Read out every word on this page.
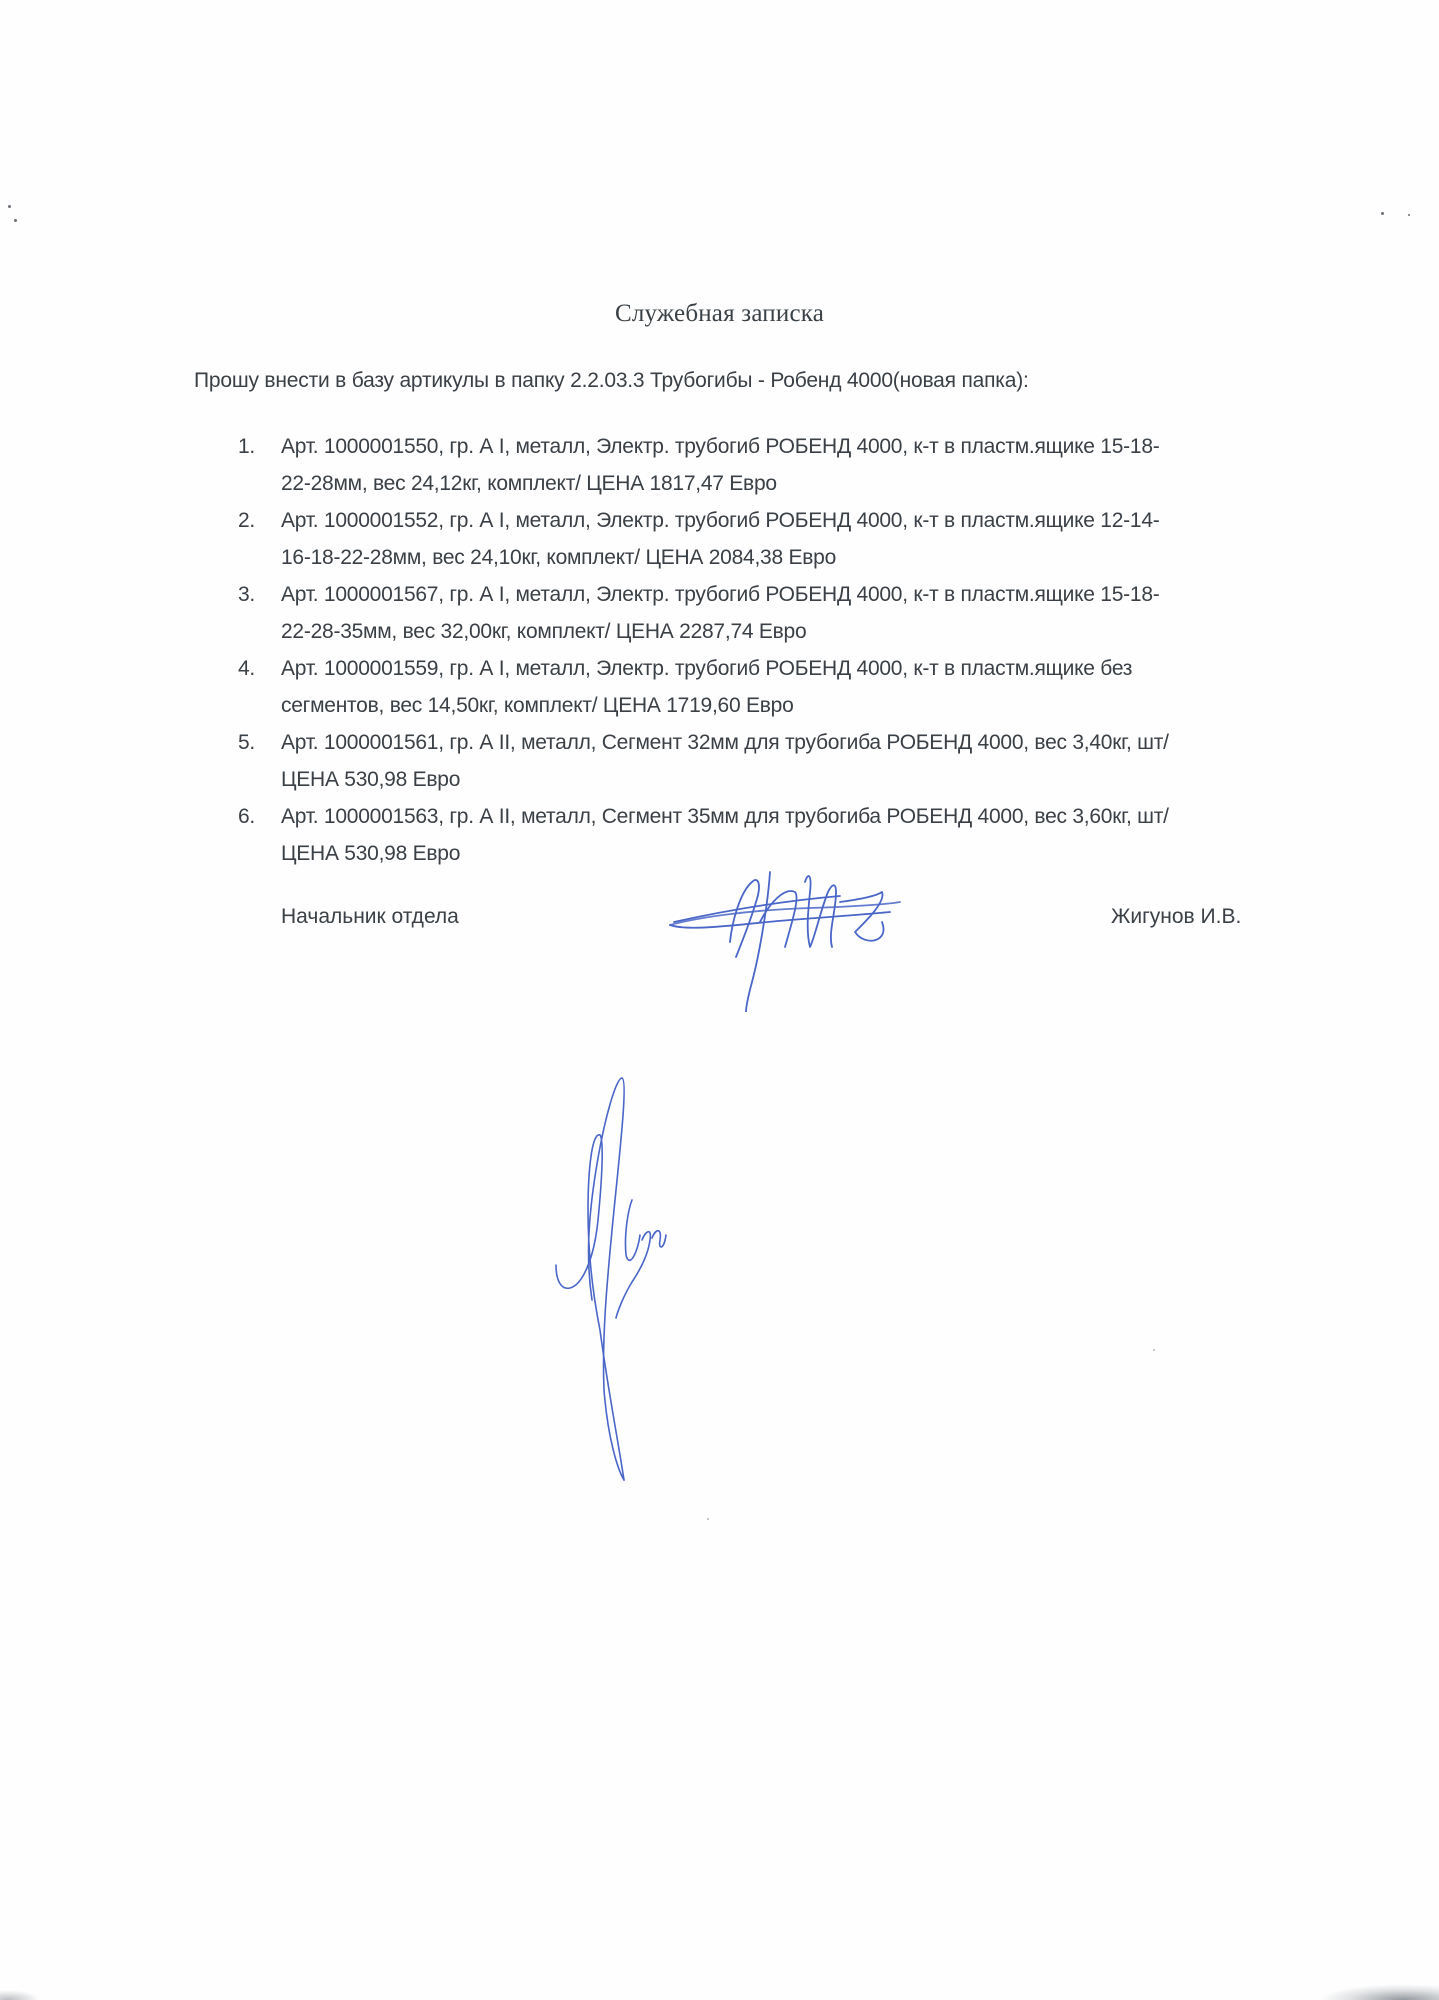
Служебная записка
Прошу внести в базу артикулы в папку 2.2.03.3 Трубогибы - Робенд 4000(новая папка):
1. Арт. 1000001550, гр. А I, металл, Электр. трубогиб РОБЕНД 4000, к-т в пластм.ящике 15-18-
22-28мм, вес 24,12кг, комплект/ ЦЕНА 1817,47 Евро
2. Арт. 1000001552, гр. А I, металл, Электр. трубогиб РОБЕНД 4000, к-т в пластм.ящике 12-14-
16-18-22-28мм, вес 24,10кг, комплект/ ЦЕНА 2084,38 Евро
3. Арт. 1000001567, гр. А I, металл, Электр. трубогиб РОБЕНД 4000, к-т в пластм.ящике 15-18-
22-28-35мм, вес 32,00кг, комплект/ ЦЕНА 2287,74 Евро
4. Арт. 1000001559, гр. А I, металл, Электр. трубогиб РОБЕНД 4000, к-т в пластм.ящике без
сегментов, вес 14,50кг, комплект/ ЦЕНА 1719,60 Евро
5. Арт. 1000001561, гр. А II, металл, Сегмент 32мм для трубогиба РОБЕНД 4000, вес 3,40кг, шт/
ЦЕНА 530,98 Евро
6. Арт. 1000001563, гр. А II, металл, Сегмент 35мм для трубогиба РОБЕНД 4000, вес 3,60кг, шт/
ЦЕНА 530,98 Евро
Начальник отдела	Жигунов И.В.
